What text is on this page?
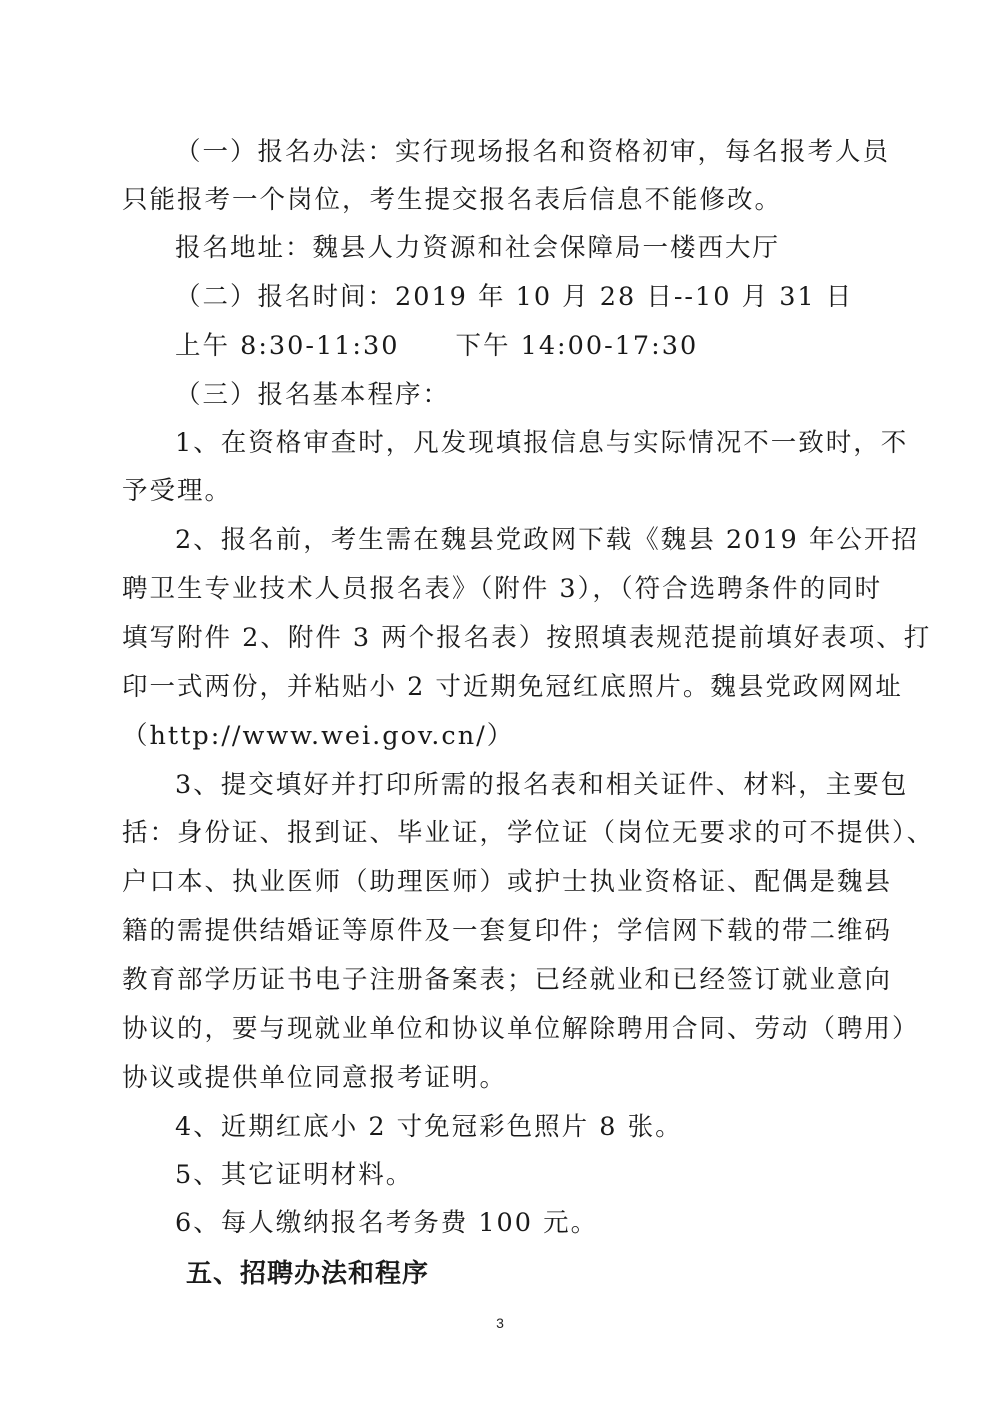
（一）报名办法：实行现场报名和资格初审，每名报考人员
只能报考一个岗位，考生提交报名表后信息不能修改。
报名地址：魏县人力资源和社会保障局一楼西大厅
（二）报名时间：2019 年 10 月 28 日--10 月 31 日
上午 8:30-11:30 下午 14:00-17:30
（三）报名基本程序：
1、在资格审查时，凡发现填报信息与实际情况不一致时，不
予受理。
2、报名前，考生需在魏县党政网下载《魏县 2019 年公开招
聘卫生专业技术人员报名表》（附件 3），（符合选聘条件的同时
填写附件 2、附件 3 两个报名表）按照填表规范提前填好表项、打
印一式两份，并粘贴小 2 寸近期免冠红底照片。魏县党政网网址
（http://www.wei.gov.cn/）
3、提交填好并打印所需的报名表和相关证件、材料，主要包
括：身份证、报到证、毕业证，学位证（岗位无要求的可不提供）、
户口本、执业医师（助理医师）或护士执业资格证、配偶是魏县
籍的需提供结婚证等原件及一套复印件；学信网下载的带二维码
教育部学历证书电子注册备案表；已经就业和已经签订就业意向
协议的，要与现就业单位和协议单位解除聘用合同、劳动（聘用）
协议或提供单位同意报考证明。
4、近期红底小 2 寸免冠彩色照片 8 张。
5、其它证明材料。
6、每人缴纳报名考务费 100 元。
五、招聘办法和程序
3
